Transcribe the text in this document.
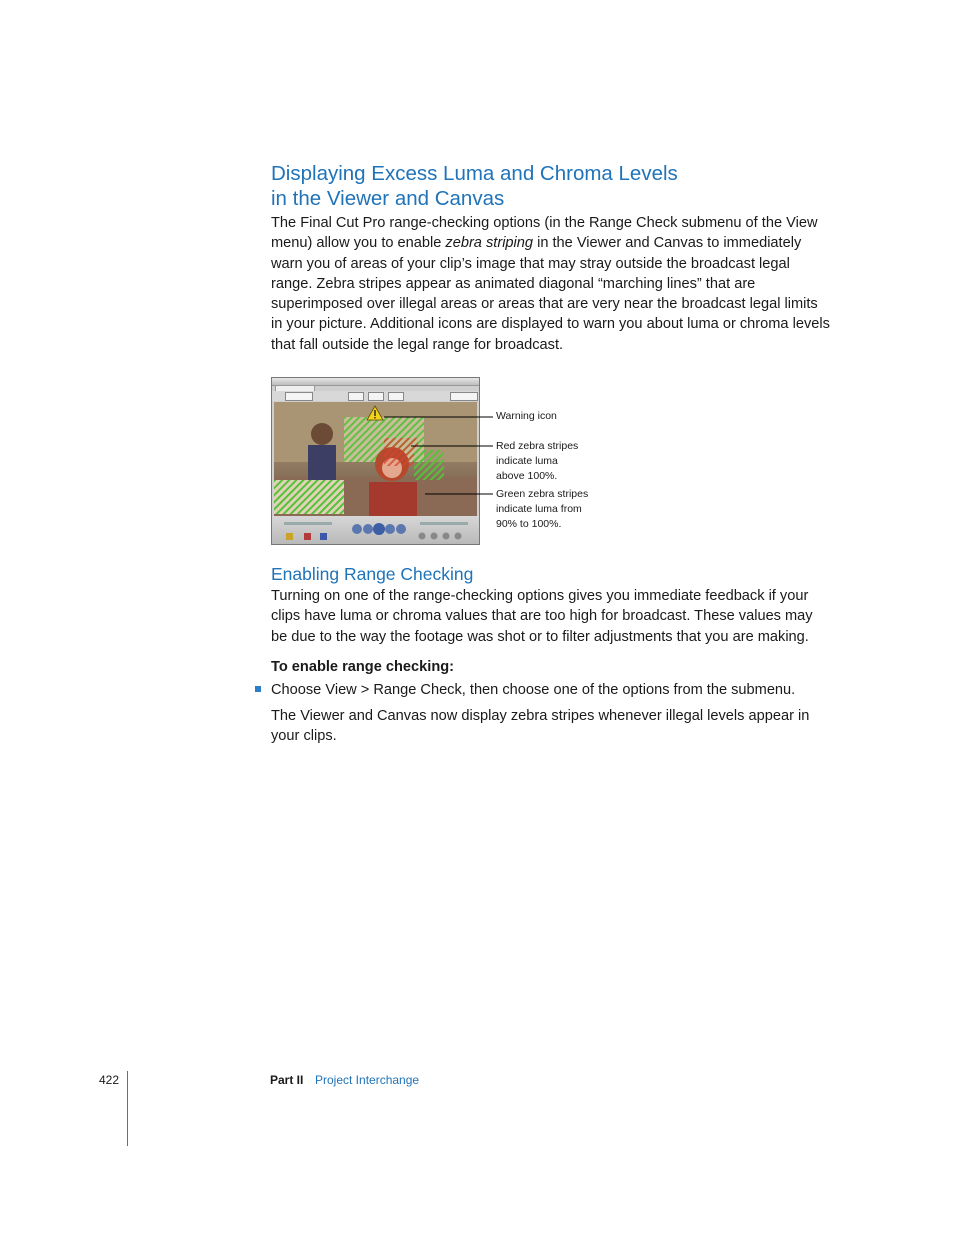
Displaying Excess Luma and Chroma Levels
in the Viewer and Canvas

The Final Cut Pro range-checking options (in the Range Check submenu of the View menu) allow you to enable zebra striping in the Viewer and Canvas to immediately warn you of areas of your clip’s image that may stray outside the broadcast legal range. Zebra stripes appear as animated diagonal “marching lines” that are superimposed over illegal areas or areas that are very near the broadcast legal limits in your picture. Additional icons are displayed to warn you about luma or chroma levels that fall outside the legal range for broadcast.

Warning icon
Red zebra stripes
indicate luma
above 100%.
Green zebra stripes
indicate luma from
90% to 100%.
Enabling Range Checking

Turning on one of the range-checking options gives you immediate feedback if your clips have luma or chroma values that are too high for broadcast. These values may be due to the way the footage was shot or to filter adjustments that you are making.

To enable range checking:

Choose View > Range Check, then choose one of the options from the submenu.

The Viewer and Canvas now display zebra stripes whenever illegal levels appear in your clips.

422	Part II Project Interchange
